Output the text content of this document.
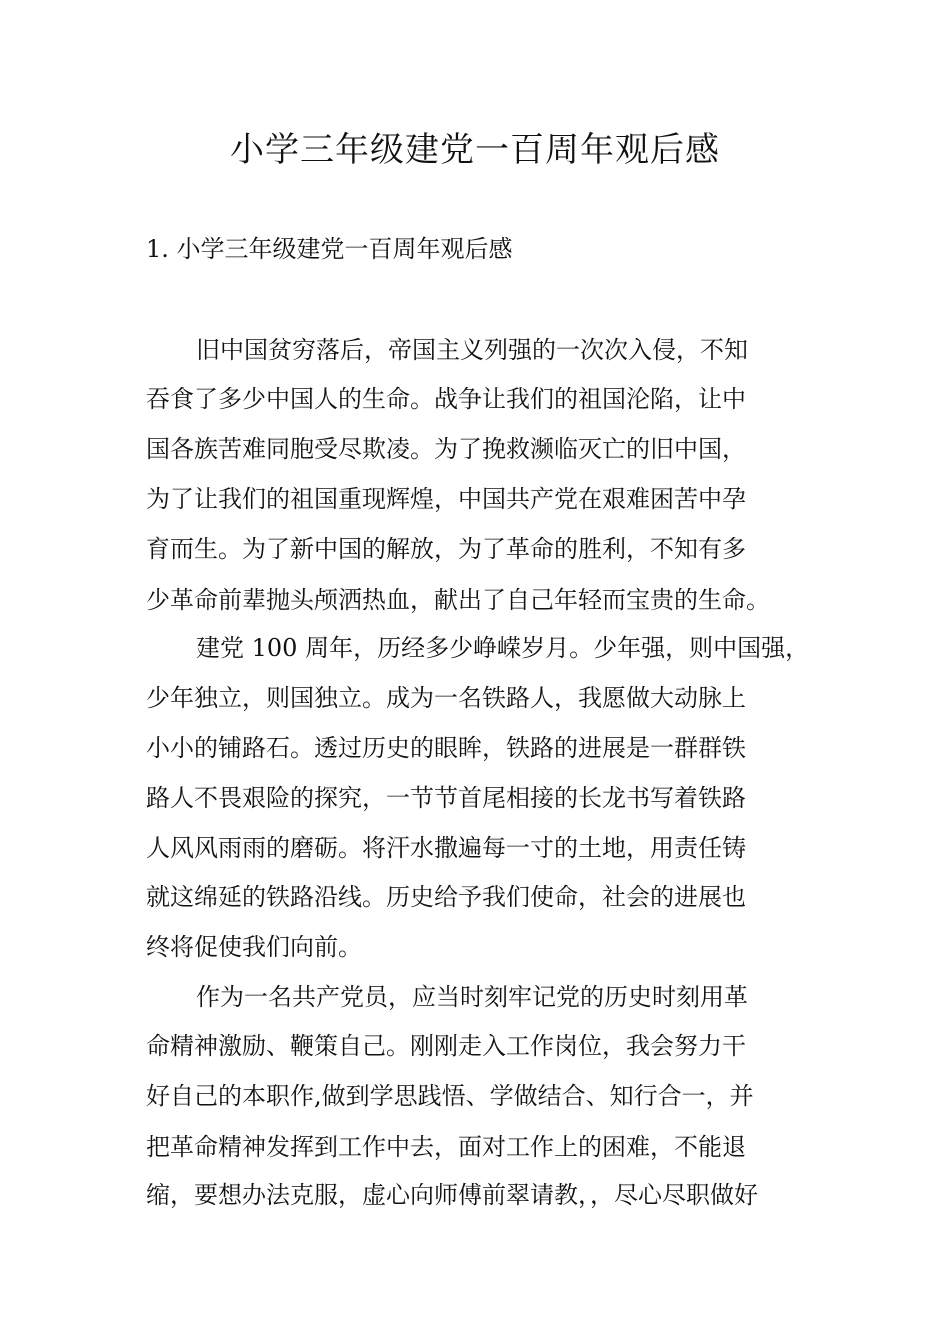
小学三年级建党一百周年观后感
1. 小学三年级建党一百周年观后感
旧中国贫穷落后，帝国主义列强的一次次入侵，不知
吞食了多少中国人的生命。战争让我们的祖国沦陷，让中
国各族苦难同胞受尽欺凌。为了挽救濒临灭亡的旧中国，
为了让我们的祖国重现辉煌，中国共产党在艰难困苦中孕
育而生。为了新中国的解放，为了革命的胜利，不知有多
少革命前辈抛头颅洒热血，献出了自己年轻而宝贵的生命。
建党 100 周年，历经多少峥嵘岁月。少年强，则中国强，
少年独立，则国独立。成为一名铁路人，我愿做大动脉上
小小的铺路石。透过历史的眼眸，铁路的进展是一群群铁
路人不畏艰险的探究，一节节首尾相接的长龙书写着铁路
人风风雨雨的磨砺。将汗水撒遍每一寸的土地，用责任铸
就这绵延的铁路沿线。历史给予我们使命，社会的进展也
终将促使我们向前。
作为一名共产党员，应当时刻牢记党的历史时刻用革
命精神激励、鞭策自己。刚刚走入工作岗位，我会努力干
好自己的本职作,做到学思践悟、学做结合、知行合一，并
把革命精神发挥到工作中去，面对工作上的困难，不能退
缩，要想办法克服，虚心向师傅前翠请教，，尽心尽职做好
